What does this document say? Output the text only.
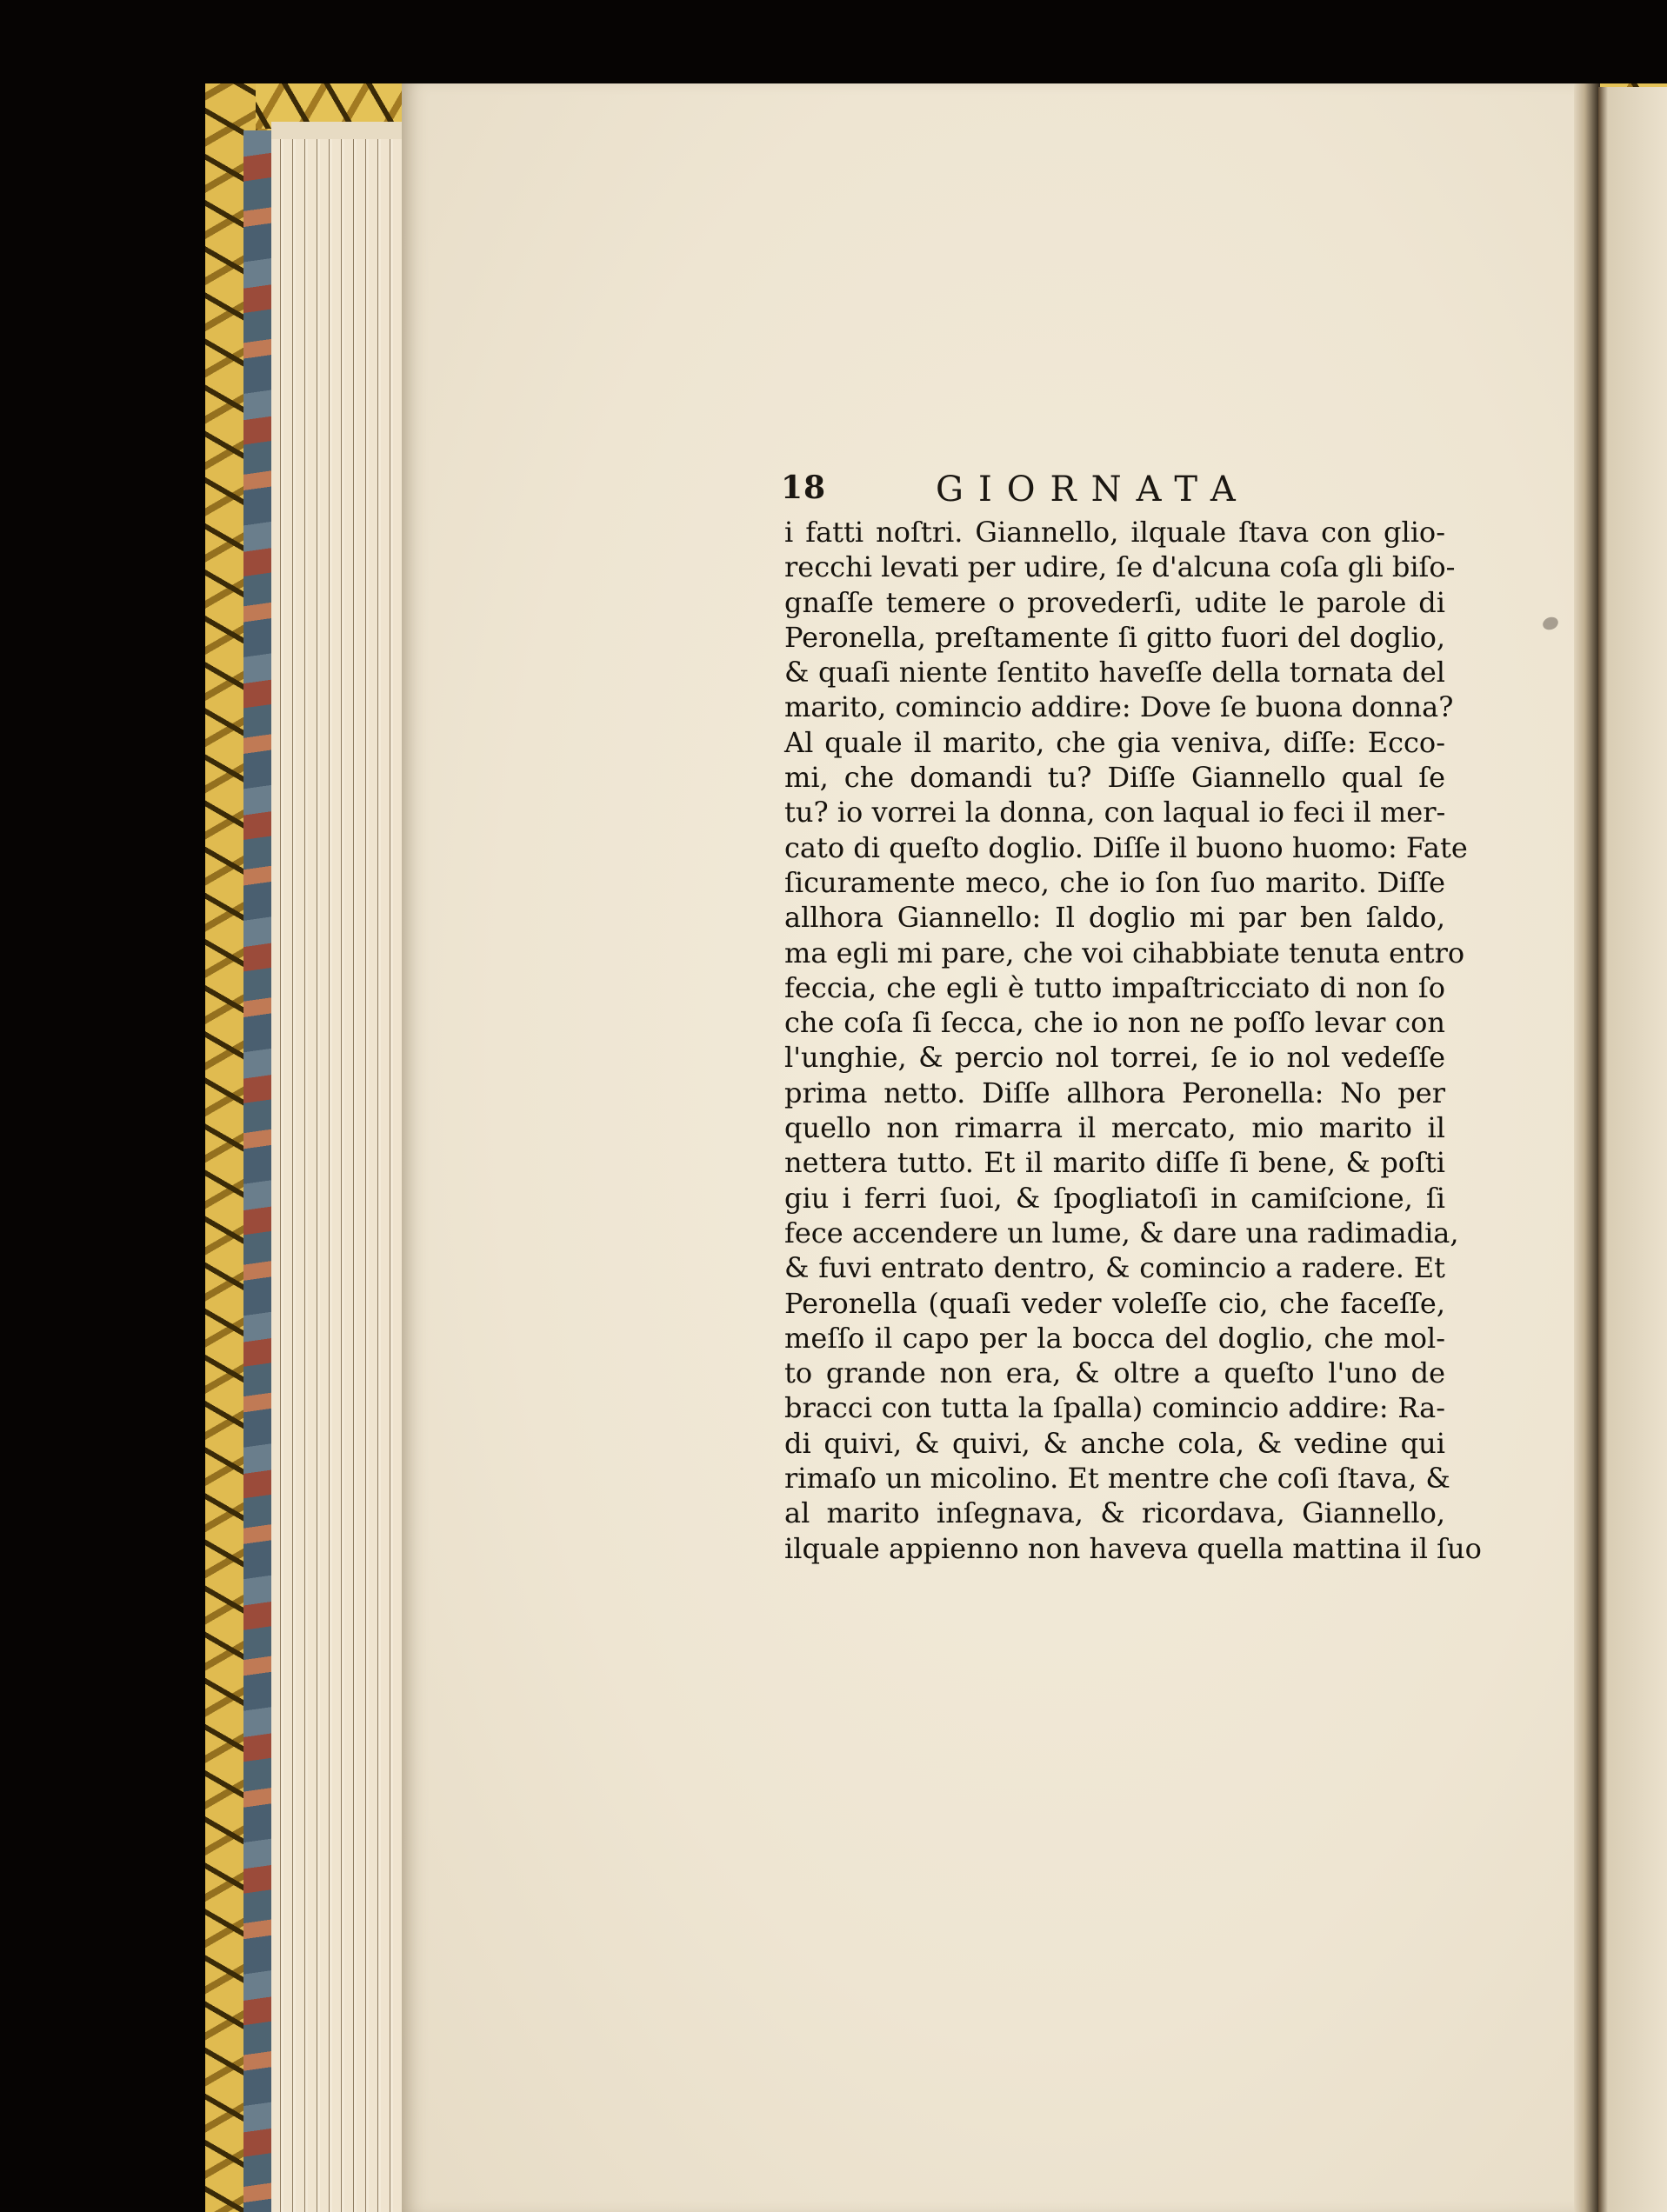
18	GIORNATA
i fatti noſtri. Giannello, ilquale ſtava con glio-
recchi levati per udire, ſe d'alcuna coſa gli biſo-
gnaſſe temere o provederſi, udite le parole di
Peronella, preſtamente ſi gitto fuori del doglio,
& quaſi niente ſentito haveſſe della tornata del
marito, comincio addire: Dove ſe buona donna?
Al quale il marito, che gia veniva, diſſe: Ecco-
mi, che domandi tu? Diſſe Giannello qual ſe
tu? io vorrei la donna, con laqual io feci il mer-
cato di queſto doglio. Diſſe il buono huomo: Fate
ſicuramente meco, che io ſon ſuo marito. Diſſe
allhora Giannello: Il doglio mi par ben ſaldo,
ma egli mi pare, che voi cihabbiate tenuta entro
feccia, che egli è tutto impaſtricciato di non ſo
che coſa ſi ſecca, che io non ne poſſo levar con
l'unghie, & percio nol torrei, ſe io nol vedeſſe
prima netto. Diſſe allhora Peronella: No per
quello non rimarra il mercato, mio marito il
nettera tutto. Et il marito diſſe ſi bene, & poſti
giu i ferri ſuoi, & ſpogliatoſi in camiſcione, ſi
fece accendere un lume, & dare una radimadia,
& fuvi entrato dentro, & comincio a radere. Et
Peronella (quaſi veder voleſſe cio, che faceſſe,
meſſo il capo per la bocca del doglio, che mol-
to grande non era, & oltre a queſto l'uno de
bracci con tutta la ſpalla) comincio addire: Ra-
di quivi, & quivi, & anche cola, & vedine qui
rimaſo un micolino. Et mentre che coſi ſtava, &
al marito inſegnava, & ricordava, Giannello,
ilquale appienno non haveva quella mattina il ſuo
